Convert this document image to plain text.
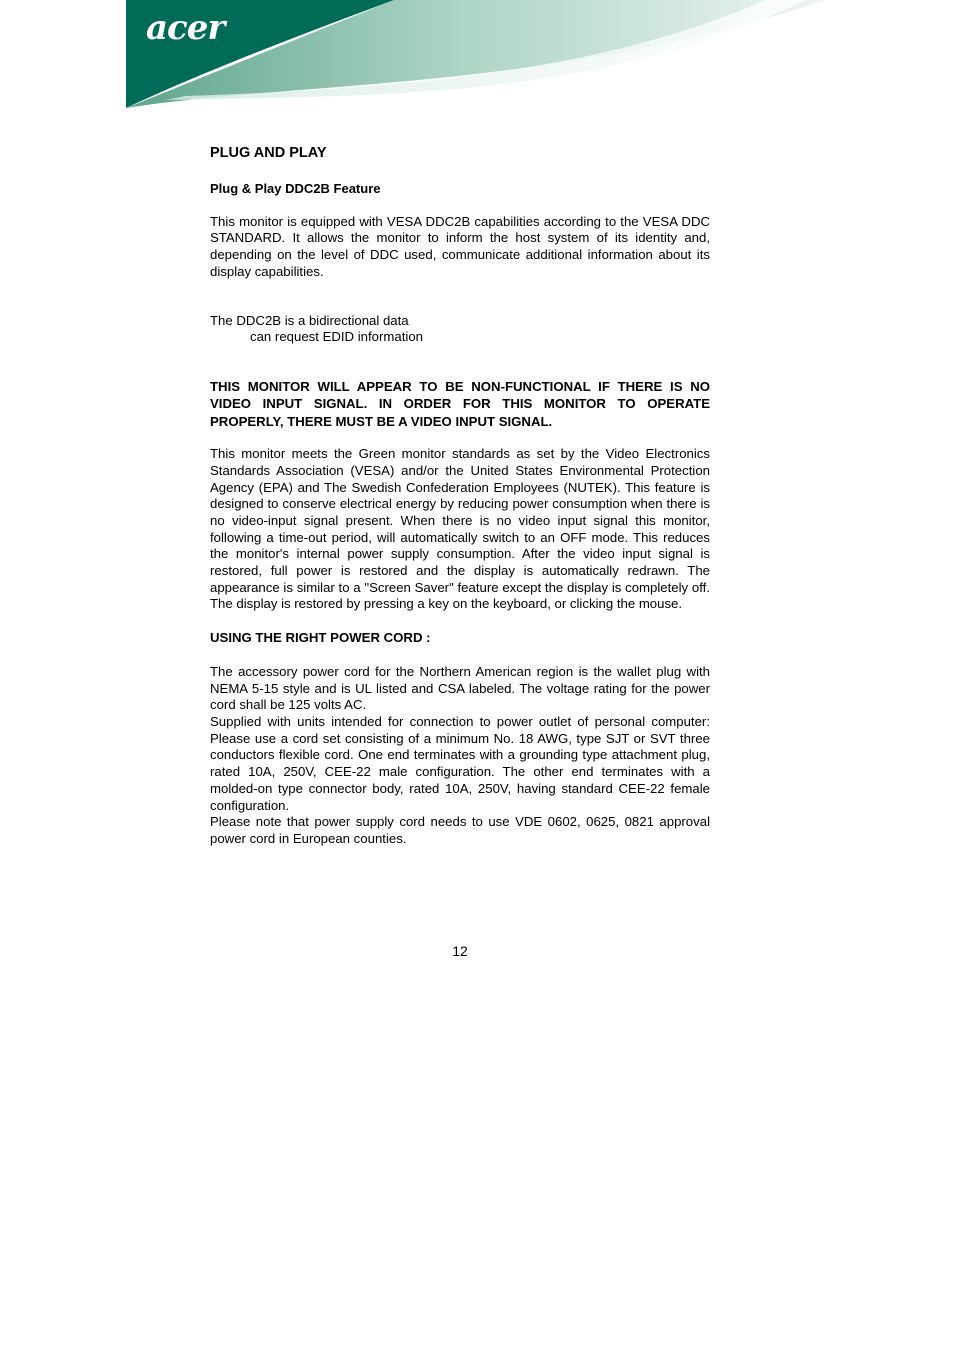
acer

PLUG AND PLAY

Plug & Play DDC2B Feature

This monitor is equipped with VESA DDC2B capabilities according to the VESA DDC STANDARD. It allows the monitor to inform the host system of its identity and, depending on the level of DDC used, communicate additional information about its display capabilities.

The DDC2B is a bidirectional data

can request EDID information

THIS MONITOR WILL APPEAR TO BE NON-FUNCTIONAL IF THERE IS NO VIDEO INPUT SIGNAL. IN ORDER FOR THIS MONITOR TO OPERATE PROPERLY, THERE MUST BE A VIDEO INPUT SIGNAL.

This monitor meets the Green monitor standards as set by the Video Electronics Standards Association (VESA) and/or the United States Environmental Protection Agency (EPA) and The Swedish Confederation Employees (NUTEK). This feature is designed to conserve electrical energy by reducing power consumption when there is no video-input signal present. When there is no video input signal this monitor, following a time-out period, will automatically switch to an OFF mode. This reduces the monitor's internal power supply consumption. After the video input signal is restored, full power is restored and the display is automatically redrawn. The appearance is similar to a "Screen Saver" feature except the display is completely off. The display is restored by pressing a key on the keyboard, or clicking the mouse.

USING THE RIGHT POWER CORD :

The accessory power cord for the Northern American region is the wallet plug with NEMA 5-15 style and is UL listed and CSA labeled. The voltage rating for the power cord shall be 125 volts AC.

Supplied with units intended for connection to power outlet of personal computer: Please use a cord set consisting of a minimum No. 18 AWG, type SJT or SVT three conductors flexible cord. One end terminates with a grounding type attachment plug, rated 10A, 250V, CEE-22 male configuration. The other end terminates with a molded-on type connector body, rated 10A, 250V, having standard CEE-22 female configuration.

Please note that power supply cord needs to use VDE 0602, 0625, 0821 approval power cord in European counties.

12
